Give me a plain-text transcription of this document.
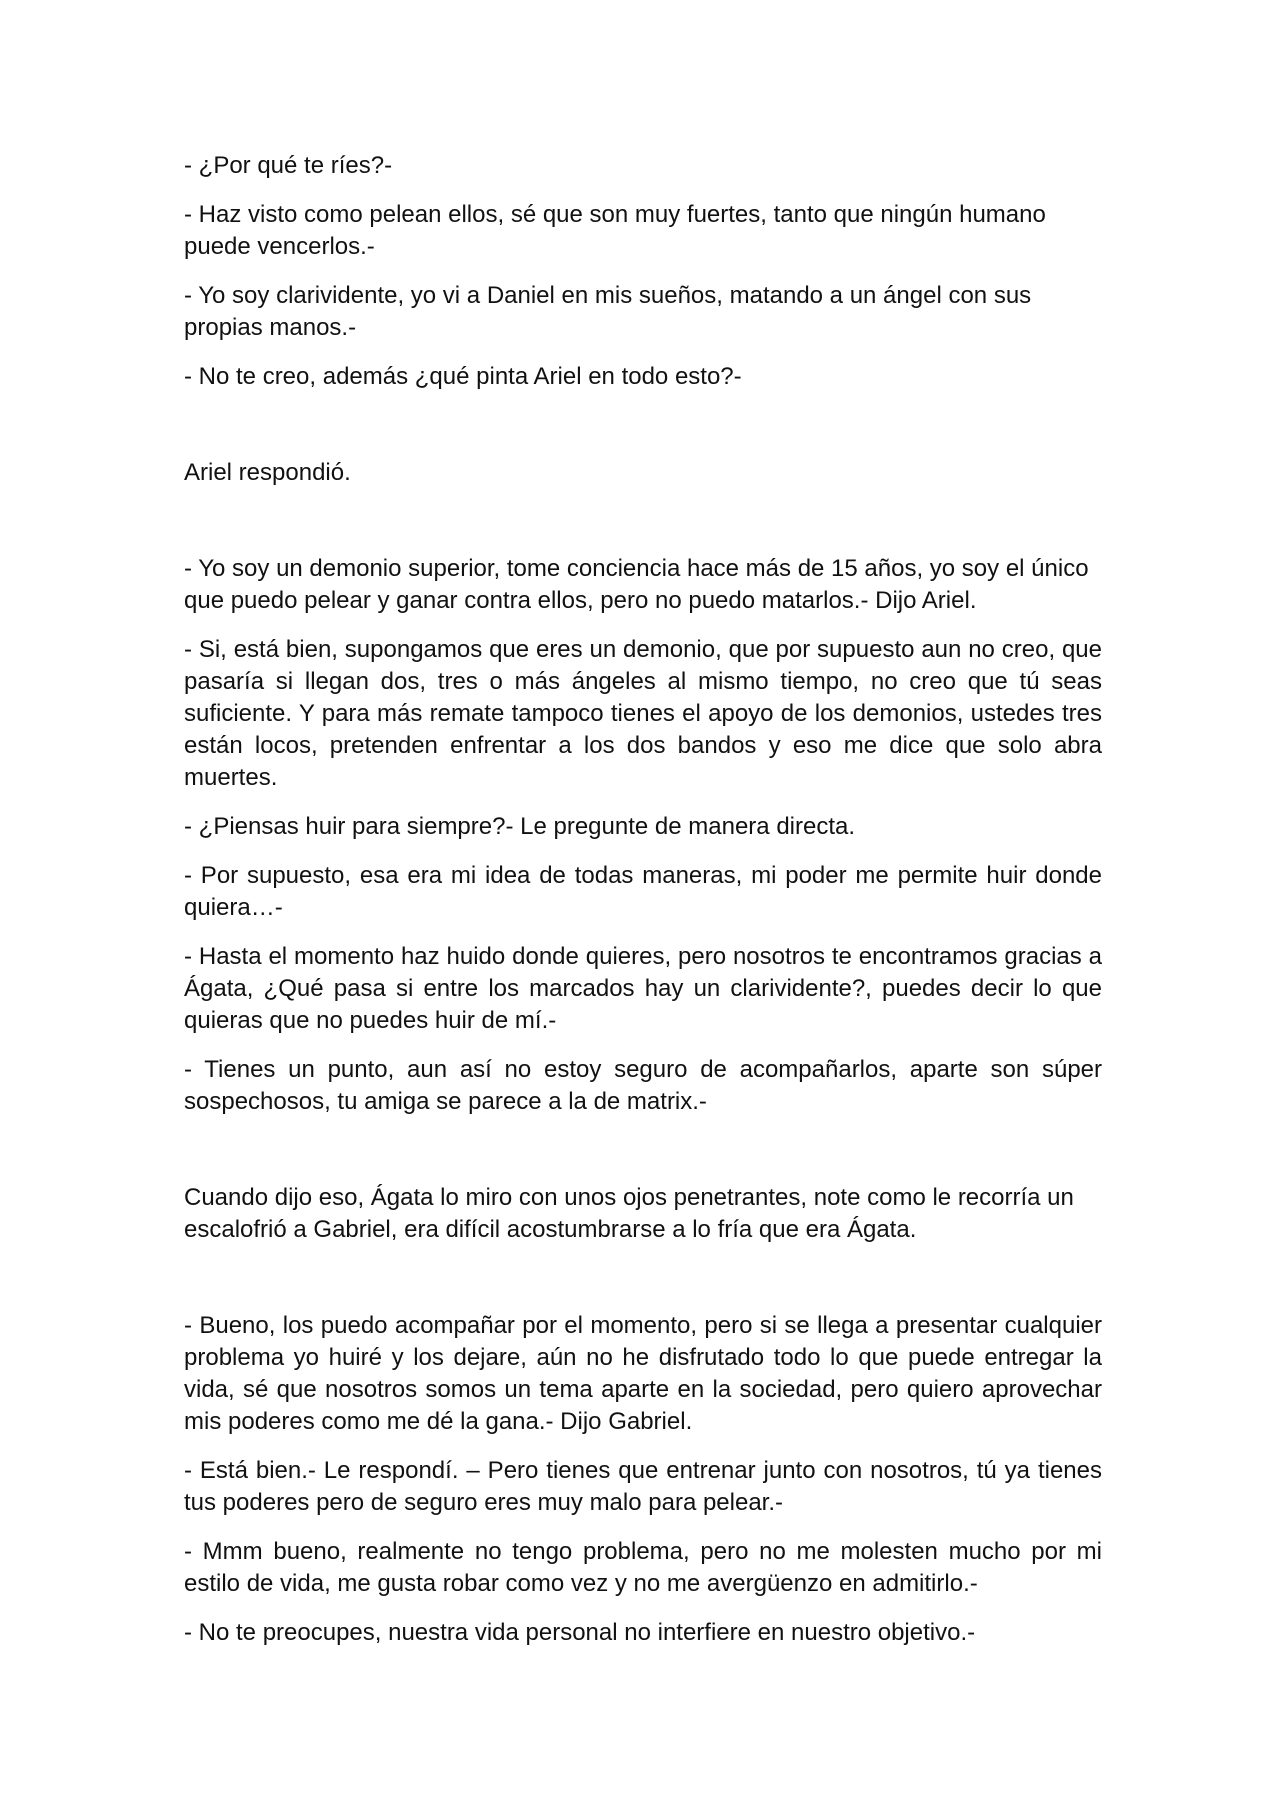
- ¿Por qué te ríes?-

- Haz visto como pelean ellos, sé que son muy fuertes, tanto que ningún humano puede vencerlos.-

- Yo soy clarividente, yo vi a Daniel en mis sueños, matando a un ángel con sus propias manos.-

- No te creo, además ¿qué pinta Ariel en todo esto?-

Ariel respondió.

- Yo soy un demonio superior, tome conciencia hace más de 15 años, yo soy el único que puedo pelear y ganar contra ellos, pero no puedo matarlos.- Dijo Ariel.

- Si, está bien, supongamos que eres un demonio, que por supuesto aun no creo, que pasaría si llegan dos, tres o más ángeles al mismo tiempo, no creo que tú seas suficiente. Y para más remate tampoco tienes el apoyo de los demonios, ustedes tres están locos, pretenden enfrentar a los dos bandos y eso me dice que solo abra muertes.

- ¿Piensas huir para siempre?- Le pregunte de manera directa.

- Por supuesto, esa era mi idea de todas maneras, mi poder me permite huir donde quiera…-

- Hasta el momento haz huido donde quieres, pero nosotros te encontramos gracias a Ágata, ¿Qué pasa si entre los marcados hay un clarividente?, puedes decir lo que quieras que no puedes huir de mí.-

- Tienes un punto, aun así no estoy seguro de acompañarlos, aparte son súper sospechosos, tu amiga se parece a la de matrix.-

Cuando dijo eso, Ágata lo miro con unos ojos penetrantes, note como le recorría un escalofrió a Gabriel, era difícil acostumbrarse a lo fría que era Ágata.

- Bueno, los puedo acompañar por el momento, pero si se llega a presentar cualquier problema yo huiré y los dejare, aún no he disfrutado todo lo que puede entregar la vida, sé que nosotros somos un tema aparte en la sociedad, pero quiero aprovechar mis poderes como me dé la gana.- Dijo Gabriel.

- Está bien.- Le respondí. – Pero tienes que entrenar junto con nosotros, tú ya tienes tus poderes pero de seguro eres muy malo para pelear.-

- Mmm bueno, realmente no tengo problema, pero no me molesten mucho por mi estilo de vida, me gusta robar como vez y no me avergüenzo en admitirlo.-

- No te preocupes, nuestra vida personal no interfiere en nuestro objetivo.-
